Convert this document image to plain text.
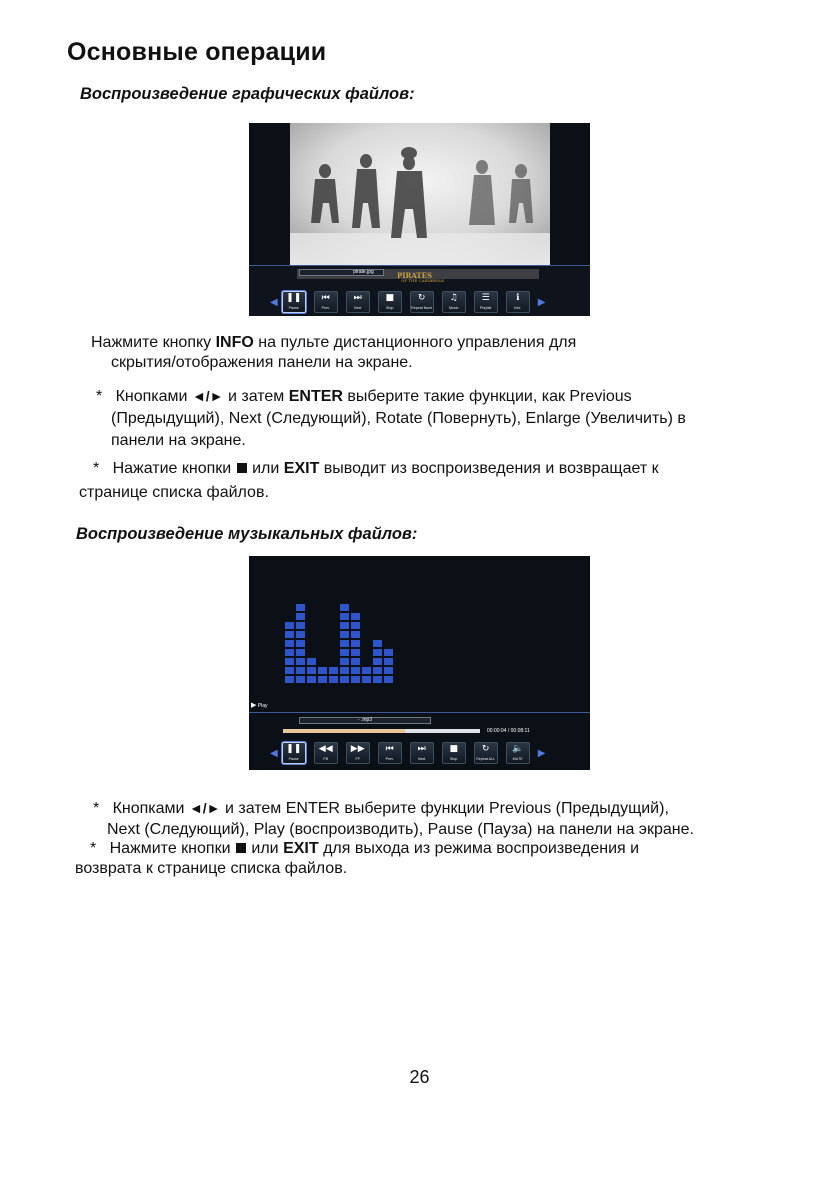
Основные операции
Воспроизведение графических файлов:
PIRATES
OF THE CARIBBEAN
pirate.jpg
◀ ❚❚
Pause
⏮
Prev.
⏭
Next
■
Stop
↻
Repeat None
♫
Music
☰
Playlist
ℹ
Info.
▶

Нажмите кнопку INFO на пульте дистанционного управления для

скрытия/отображения панели на экране.

* Кнопками ◄/► и затем ENTER выберите такие функции, как Previous

(Предыдущий), Next (Следующий), Rotate (Повернуть), Enlarge (Увеличить) в

панели на экране.

* Нажатие кнопки  или EXIT выводит из воспроизведения и возвращает к

странице списка файлов.

Воспроизведение музыкальных файлов:
▶ Play
- .mp3
00:00:04 / 00:08:11
◀ ❚❚
Pause
◀◀
FB
▶▶
FF
⏮
Prev.
⏭
Next
■
Stop
↻
Repeat ALL
🔈
MUTE
▶

* Кнопками ◄/► и затем ENTER выберите функции Previous (Предыдущий),

Next (Следующий), Play (воспроизводить), Pause (Пауза) на панели на экране.

* Нажмите кнопки  или EXIT для выхода из режима воспроизведения и

возврата к странице списка файлов.

26
